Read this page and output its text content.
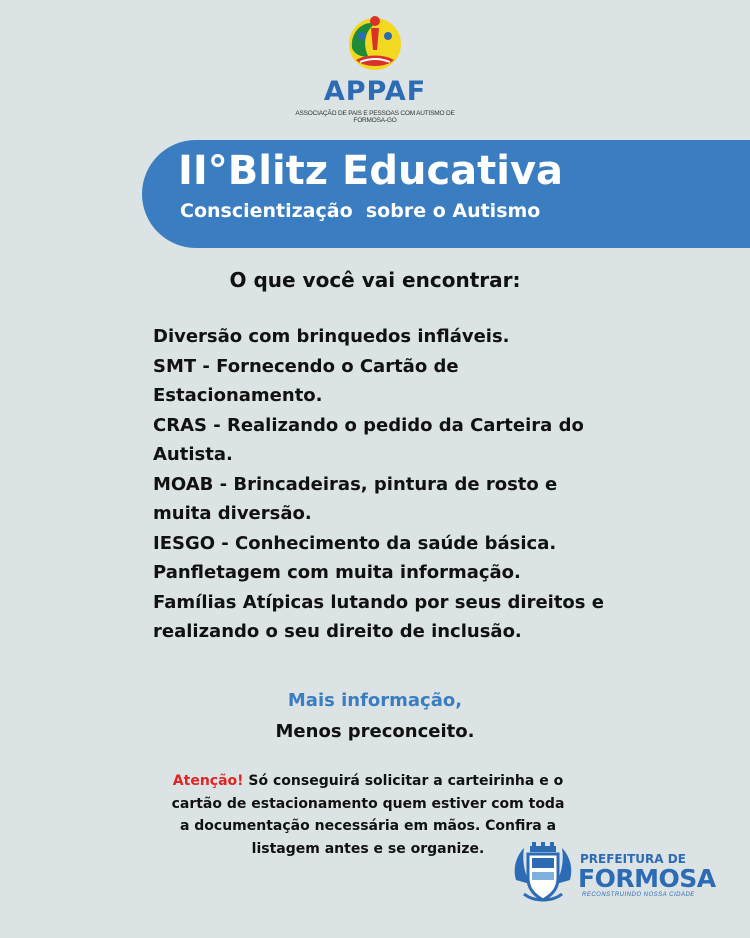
APPAF
ASSOCIAÇÃO DE PAIS E PESSOAS COM AUTISMO DE FORMOSA-GO
II°Blitz Educativa
Conscientização  sobre o Autismo
O que você vai encontrar:
Diversão com brinquedos infláveis.
SMT - Fornecendo o Cartão de
Estacionamento.
CRAS - Realizando o pedido da Carteira do
Autista.
MOAB - Brincadeiras, pintura de rosto e
muita diversão.
IESGO - Conhecimento da saúde básica.
Panfletagem com muita informação.
Famílias Atípicas lutando por seus direitos e
realizando o seu direito de inclusão.
Mais informação,
Menos preconceito.
Atenção! Só conseguirá solicitar a carteirinha e o
cartão de estacionamento quem estiver com toda
a documentação necessária em mãos. Confira a
listagem antes e se organize.
PREFEITURA DE
FORMOSA
RECONSTRUINDO NOSSA CIDADE
